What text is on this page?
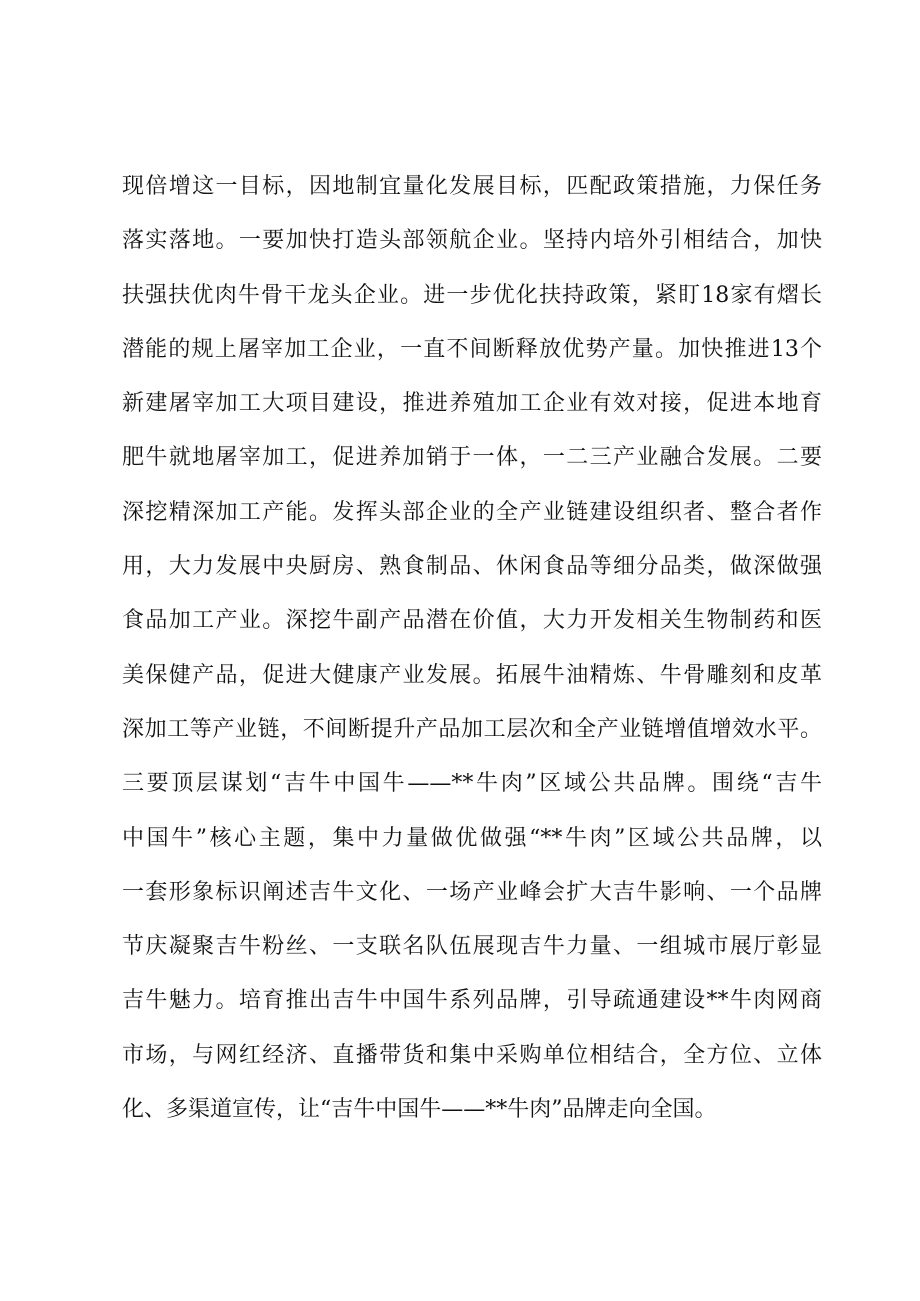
现倍增这一目标，因地制宜量化发展目标，匹配政策措施，力保任务
落实落地。一要加快打造头部领航企业。坚持内培外引相结合，加快
扶强扶优肉牛骨干龙头企业。进一步优化扶持政策，紧盯18家有熠长
潜能的规上屠宰加工企业，一直不间断释放优势产量。加快推进13个
新建屠宰加工大项目建设，推进养殖加工企业有效对接，促进本地育
肥牛就地屠宰加工，促进养加销于一体，一二三产业融合发展。二要
深挖精深加工产能。发挥头部企业的全产业链建设组织者、整合者作
用，大力发展中央厨房、熟食制品、休闲食品等细分品类，做深做强
食品加工产业。深挖牛副产品潜在价值，大力开发相关生物制药和医
美保健产品，促进大健康产业发展。拓展牛油精炼、牛骨雕刻和皮革
深加工等产业链，不间断提升产品加工层次和全产业链增值增效水平。
三要顶层谋划“吉牛中国牛——**牛肉”区域公共品牌。围绕“吉牛
中国牛”核心主题，集中力量做优做强“**牛肉”区域公共品牌，以
一套形象标识阐述吉牛文化、一场产业峰会扩大吉牛影响、一个品牌
节庆凝聚吉牛粉丝、一支联名队伍展现吉牛力量、一组城市展厅彰显
吉牛魅力。培育推出吉牛中国牛系列品牌，引导疏通建设**牛肉网商
市场，与网红经济、直播带货和集中采购单位相结合，全方位、立体
化、多渠道宣传，让“吉牛中国牛——**牛肉”品牌走向全国。
